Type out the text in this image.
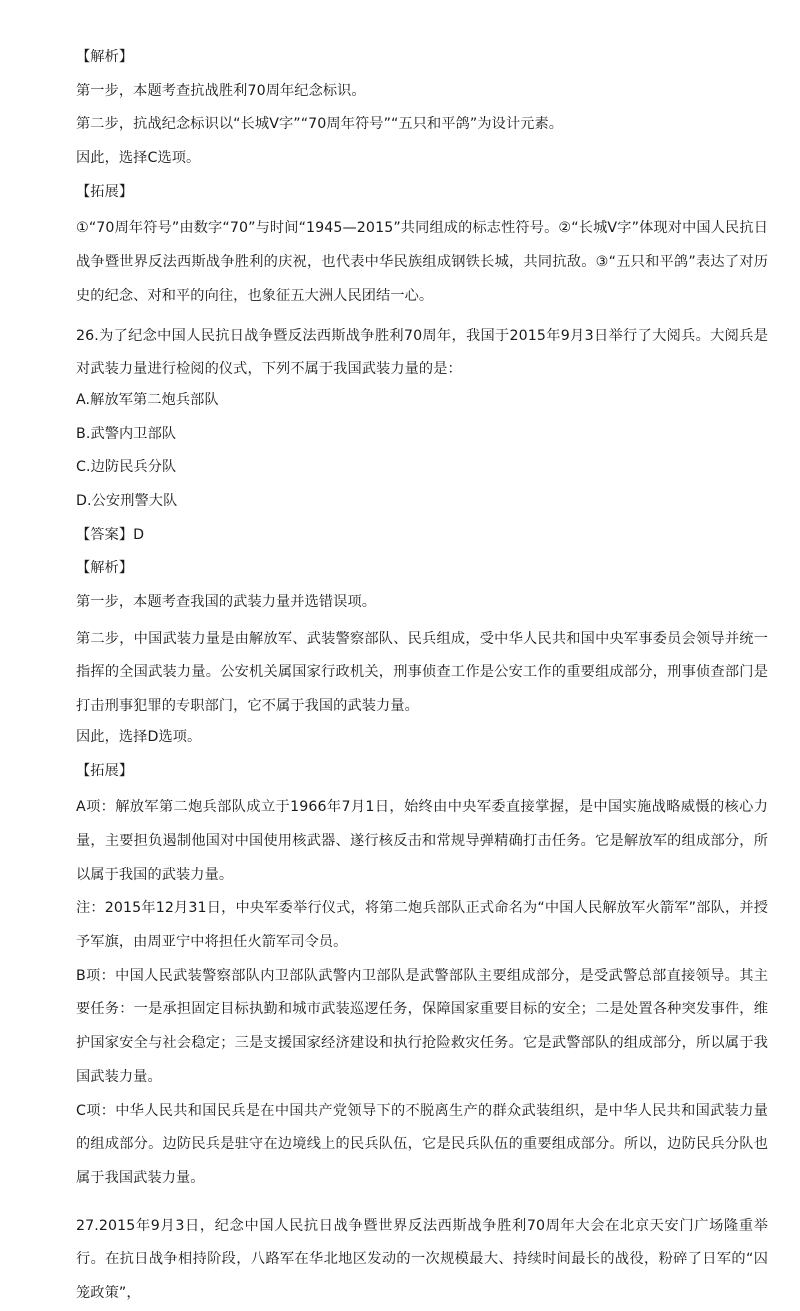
【解析】
第一步，本题考查抗战胜利70周年纪念标识。
第二步，抗战纪念标识以“长城V字”“70周年符号”“五只和平鸽”为设计元素。
因此，选择C选项。
【拓展】
①“70周年符号”由数字“70”与时间“1945—2015”共同组成的标志性符号。②“长城V字”体现对中国人民抗日战争暨世界反法西斯战争胜利的庆祝，也代表中华民族组成钢铁长城，共同抗敌。③“五只和平鸽”表达了对历史的纪念、对和平的向往，也象征五大洲人民团结一心。
26.为了纪念中国人民抗日战争暨反法西斯战争胜利70周年，我国于2015年9月3日举行了大阅兵。大阅兵是对武装力量进行检阅的仪式，下列不属于我国武装力量的是：
A.解放军第二炮兵部队
B.武警内卫部队
C.边防民兵分队
D.公安刑警大队
【答案】D
【解析】
第一步，本题考查我国的武装力量并选错误项。
第二步，中国武装力量是由解放军、武装警察部队、民兵组成，受中华人民共和国中央军事委员会领导并统一指挥的全国武装力量。公安机关属国家行政机关，刑事侦查工作是公安工作的重要组成部分，刑事侦查部门是打击刑事犯罪的专职部门，它不属于我国的武装力量。
因此，选择D选项。
【拓展】
A项：解放军第二炮兵部队成立于1966年7月1日，始终由中央军委直接掌握，是中国实施战略威慑的核心力量，主要担负遏制他国对中国使用核武器、遂行核反击和常规导弹精确打击任务。它是解放军的组成部分，所以属于我国的武装力量。
注：2015年12月31日，中央军委举行仪式，将第二炮兵部队正式命名为“中国人民解放军火箭军”部队，并授予军旗，由周亚宁中将担任火箭军司令员。
B项：中国人民武装警察部队内卫部队武警内卫部队是武警部队主要组成部分，是受武警总部直接领导。其主要任务：一是承担固定目标执勤和城市武装巡逻任务，保障国家重要目标的安全；二是处置各种突发事件，维护国家安全与社会稳定；三是支援国家经济建设和执行抢险救灾任务。它是武警部队的组成部分，所以属于我国武装力量。
C项：中华人民共和国民兵是在中国共产党领导下的不脱离生产的群众武装组织，是中华人民共和国武装力量的组成部分。边防民兵是驻守在边境线上的民兵队伍，它是民兵队伍的重要组成部分。所以，边防民兵分队也属于我国武装力量。
27.2015年9月3日，纪念中国人民抗日战争暨世界反法西斯战争胜利70周年大会在北京天安门广场隆重举行。在抗日战争相持阶段，八路军在华北地区发动的一次规模最大、持续时间最长的战役，粉碎了日军的“囚笼政策”，
